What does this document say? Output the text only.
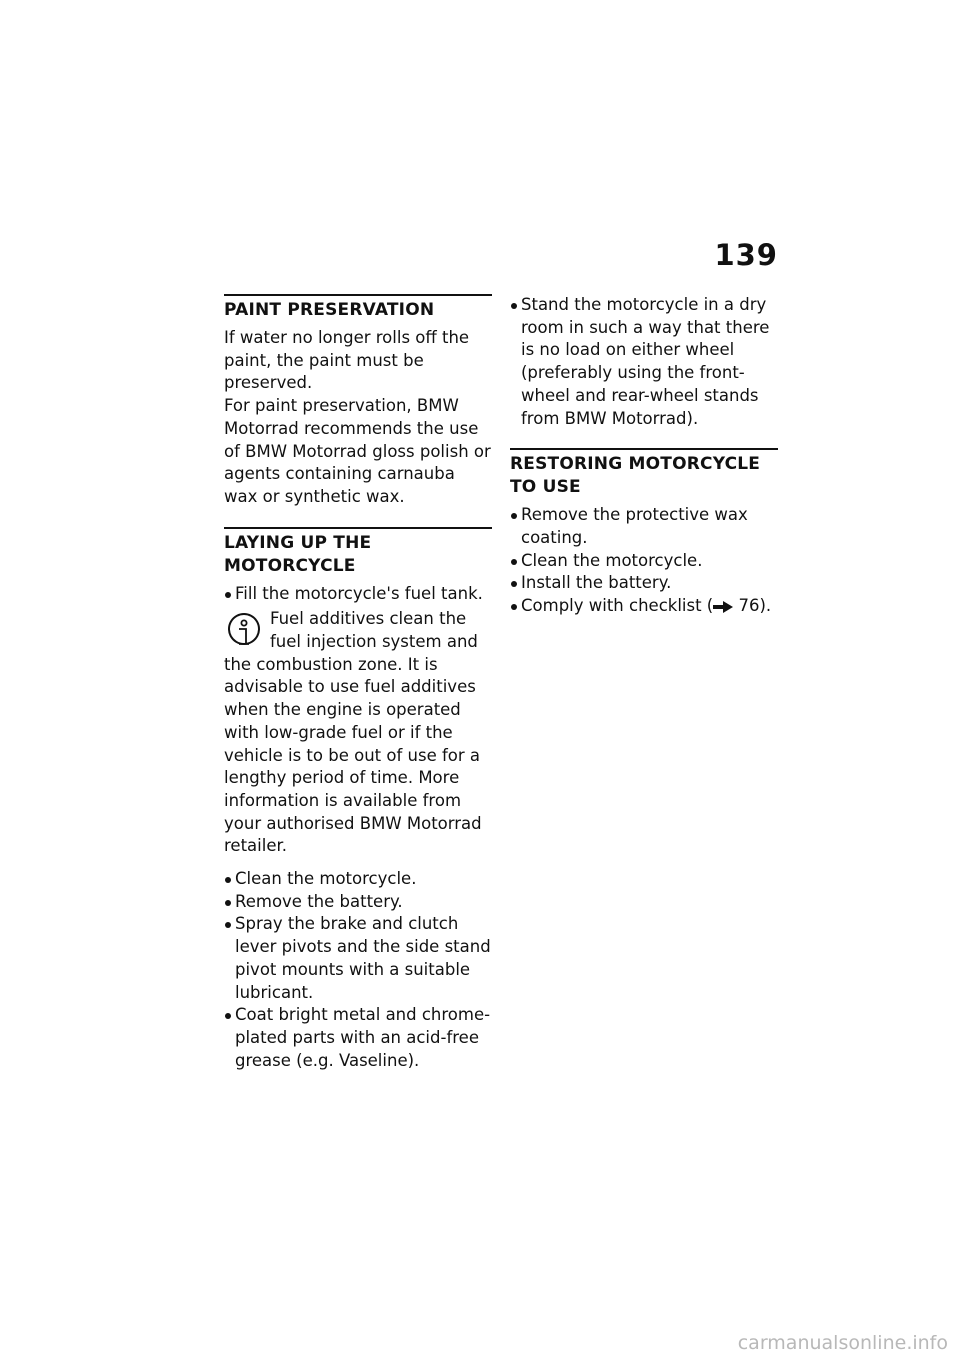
139
PAINT PRESERVATION

If water no longer rolls off the paint, the paint must be preserved.

For paint preservation, BMW Motorrad recommends the use of BMW Motorrad gloss polish or agents containing carnauba wax or synthetic wax.

LAYING UP THE MOTORCYCLE
Fill the motorcycle's fuel tank.
Fuel additives clean the fuel injection system and the combustion zone. It is advisable to use fuel additives when the engine is operated with low-grade fuel or if the vehicle is to be out of use for a lengthy period of time. More information is available from your authorised BMW Motorrad retailer.
Clean the motorcycle.
Remove the battery.
Spray the brake and clutch lever pivots and the side stand pivot mounts with a suitable lubricant.
Coat bright metal and chrome-plated parts with an acid-free grease (e.g. Vaseline).
Stand the motorcycle in a dry room in such a way that there is no load on either wheel (preferably using the front-wheel and rear-wheel stands from BMW Motorrad).
RESTORING MOTORCYCLE TO USE
Remove the protective wax coating.
Clean the motorcycle.
Install the battery.
Comply with checklist ( 76).
carmanualsonline.info
